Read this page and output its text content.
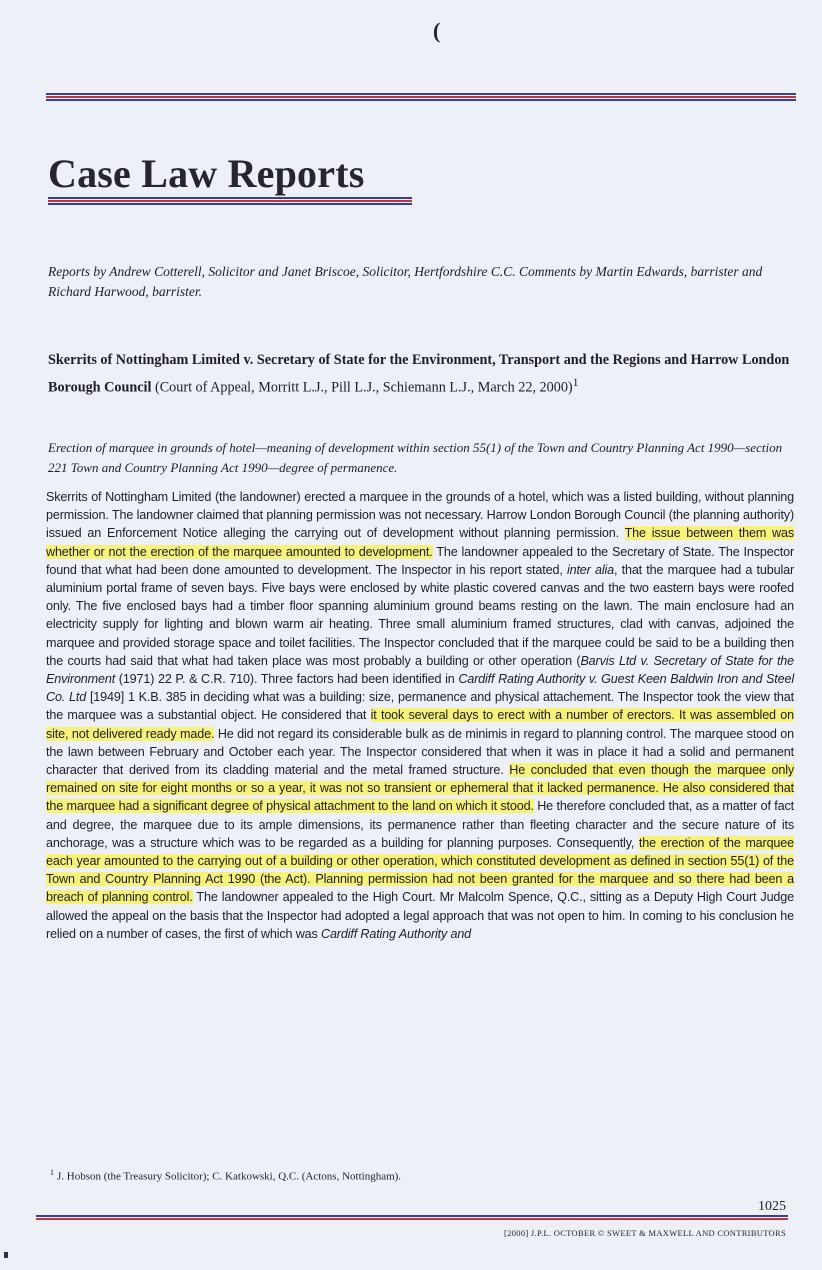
(
Case Law Reports
Reports by Andrew Cotterell, Solicitor and Janet Briscoe, Solicitor, Hertfordshire C.C. Comments by Martin Edwards, barrister and Richard Harwood, barrister.
Skerrits of Nottingham Limited v. Secretary of State for the Environment, Transport and the Regions and Harrow London Borough Council (Court of Appeal, Morritt L.J., Pill L.J., Schiemann L.J., March 22, 2000)$^1$
Erection of marquee in grounds of hotel—meaning of development within section 55(1) of the Town and Country Planning Act 1990—section 221 Town and Country Planning Act 1990—degree of permanence.

Skerrits of Nottingham Limited (the landowner) erected a marquee in the grounds of a hotel, which was a listed building, without planning permission. The landowner claimed that planning permission was not necessary. Harrow London Borough Council (the planning authority) issued an Enforcement Notice alleging the carrying out of development without planning permission. The issue between them was whether or not the erection of the marquee amounted to development. The landowner appealed to the Secretary of State. The Inspector found that what had been done amounted to development. The Inspector in his report stated, inter alia, that the marquee had a tubular aluminium portal frame of seven bays. Five bays were enclosed by white plastic covered canvas and the two eastern bays were roofed only. The five enclosed bays had a timber floor spanning aluminium ground beams resting on the lawn. The main enclosure had an electricity supply for lighting and blown warm air heating. Three small aluminium framed structures, clad with canvas, adjoined the marquee and provided storage space and toilet facilities. The Inspector concluded that if the marquee could be said to be a building then the courts had said that what had taken place was most probably a building or other operation (Barvis Ltd v. Secretary of State for the Environment (1971) 22 P. & C.R. 710). Three factors had been identified in Cardiff Rating Authority v. Guest Keen Baldwin Iron and Steel Co. Ltd [1949] 1 K.B. 385 in deciding what was a building: size, permanence and physical attachement. The Inspector took the view that the marquee was a substantial object. He considered that it took several days to erect with a number of erectors. It was assembled on site, not delivered ready made. He did not regard its considerable bulk as de minimis in regard to planning control. The marquee stood on the lawn between February and October each year. The Inspector considered that when it was in place it had a solid and permanent character that derived from its cladding material and the metal framed structure. He concluded that even though the marquee only remained on site for eight months or so a year, it was not so transient or ephemeral that it lacked permanence. He also considered that the marquee had a significant degree of physical attachment to the land on which it stood. He therefore concluded that, as a matter of fact and degree, the marquee due to its ample dimensions, its permanence rather than fleeting character and the secure nature of its anchorage, was a structure which was to be regarded as a building for planning purposes. Consequently, the erection of the marquee each year amounted to the carrying out of a building or other operation, which constituted development as defined in section 55(1) of the Town and Country Planning Act 1990 (the Act). Planning permission had not been granted for the marquee and so there had been a breach of planning control. The landowner appealed to the High Court. Mr Malcolm Spence, Q.C., sitting as a Deputy High Court Judge allowed the appeal on the basis that the Inspector had adopted a legal approach that was not open to him. In coming to his conclusion he relied on a number of cases, the first of which was Cardiff Rating Authority and

$^1$ J. Hobson (the Treasury Solicitor); C. Katkowski, Q.C. (Actons, Nottingham).
1025
[2000] J.P.L. OCTOBER © SWEET & MAXWELL AND CONTRIBUTORS
